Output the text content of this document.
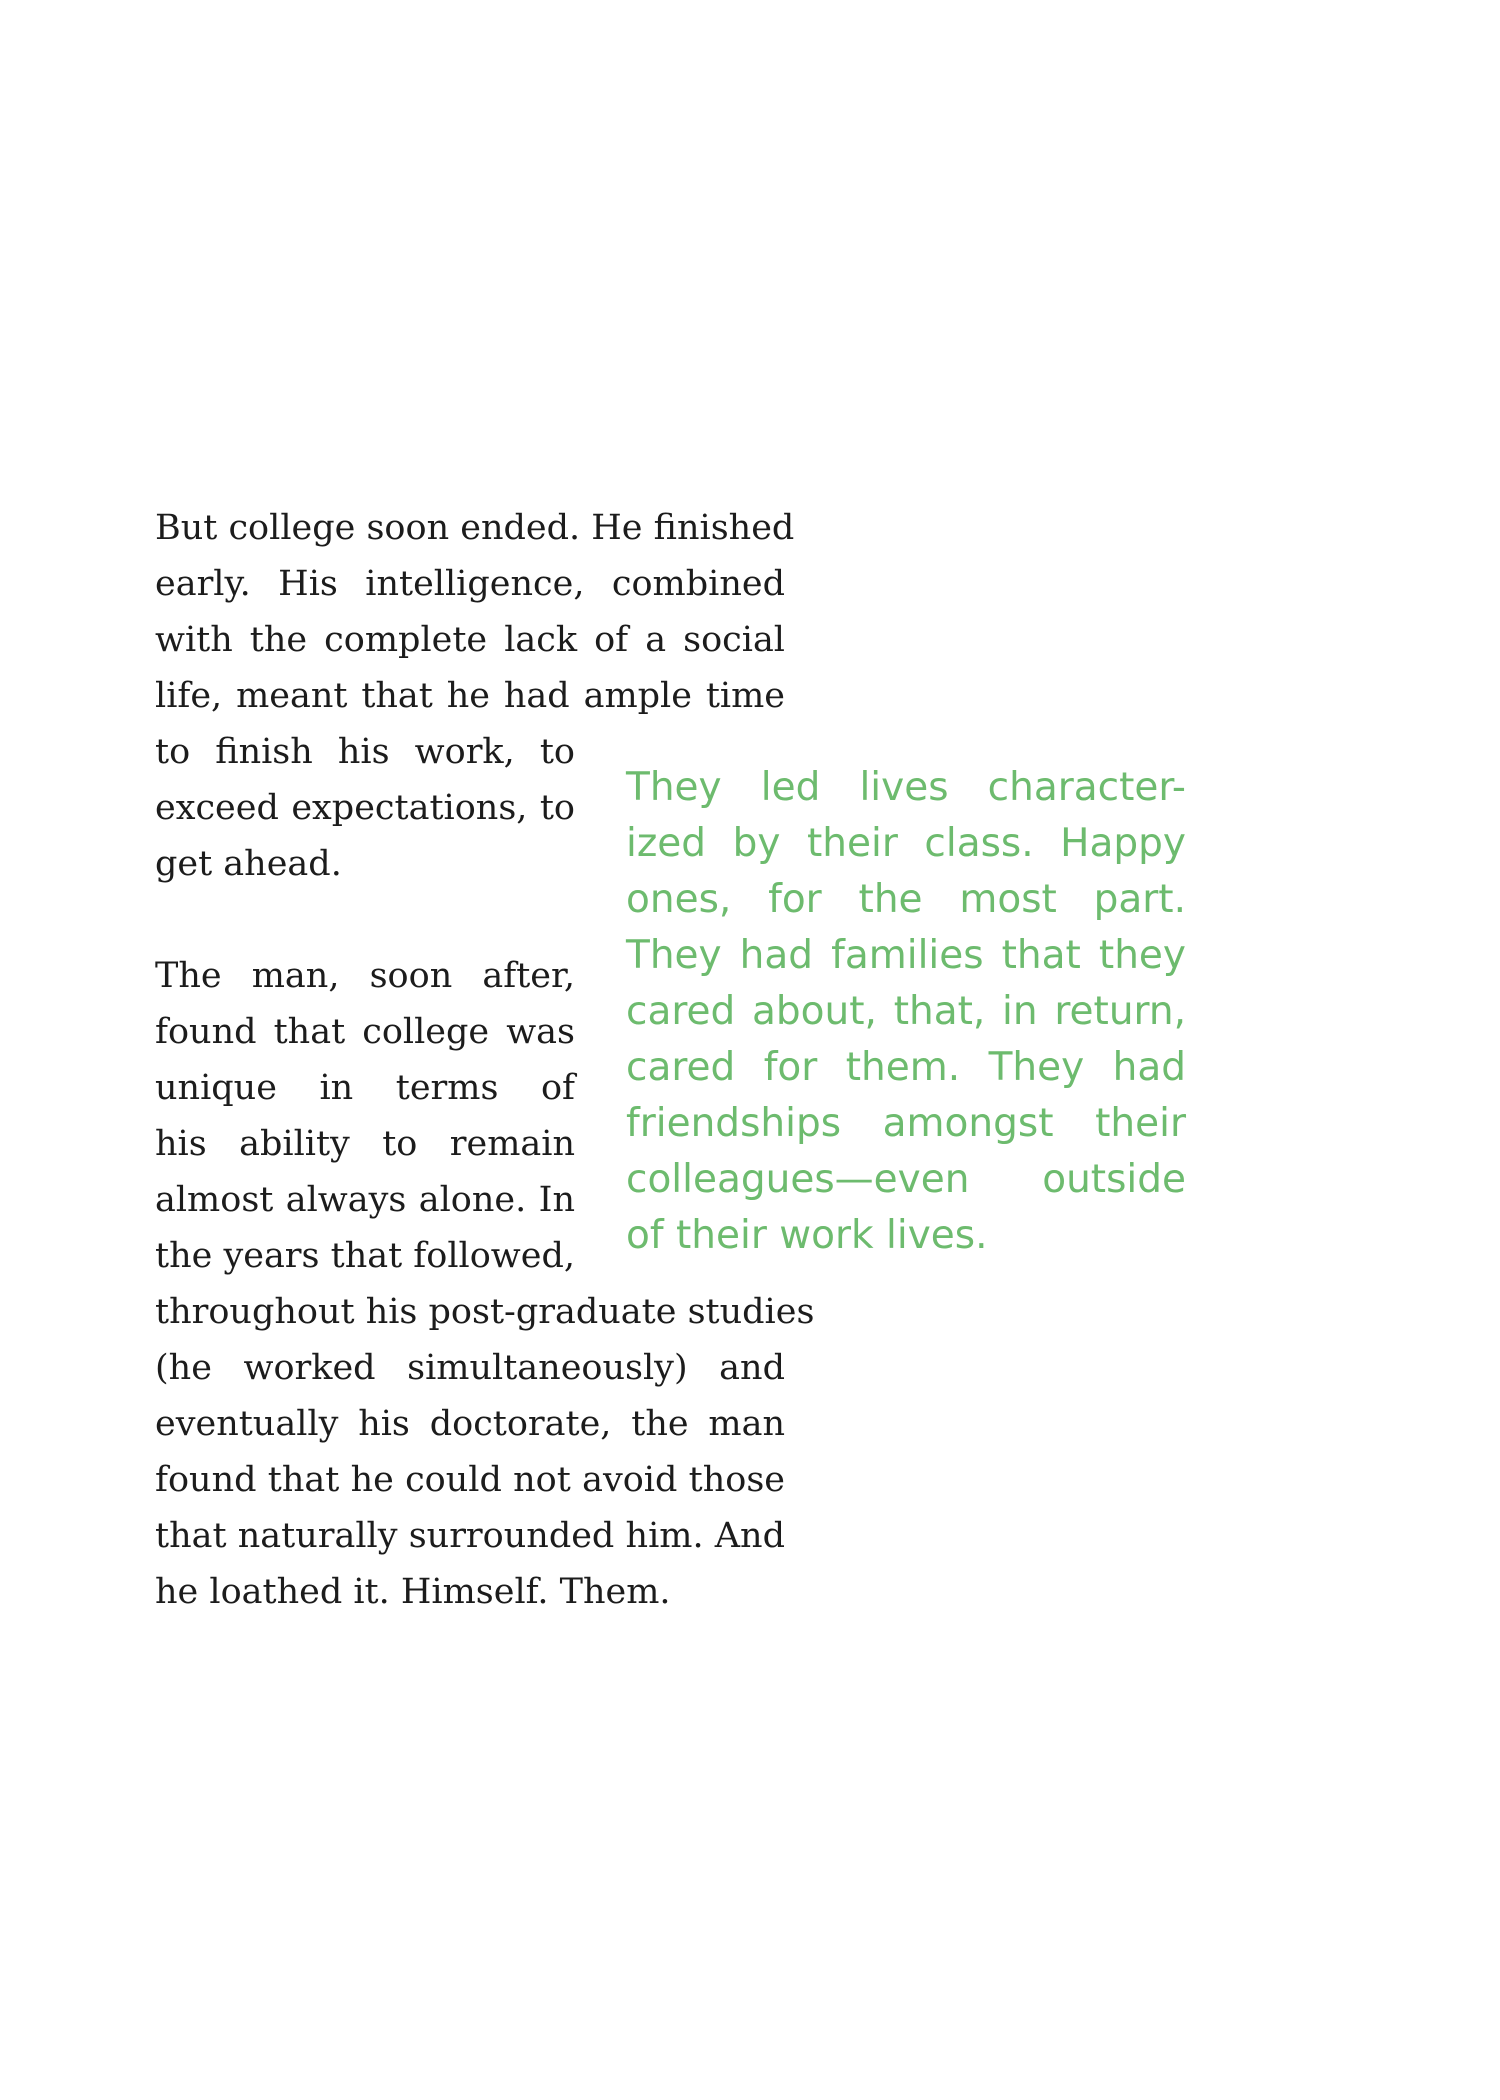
But college soon ended. He finished
early. His intelligence, combined
with the complete lack of a social
life, meant that he had ample time
to finish his work, to
exceed expectations, to
get ahead.
The man, soon after,
found that college was
unique in terms of
his ability to remain
almost always alone. In
the years that followed,
throughout his post-graduate studies
(he worked simultaneously) and
eventually his doctorate, the man
found that he could not avoid those
that naturally surrounded him. And
he loathed it. Himself. Them.
They led lives character-
ized by their class. Happy
ones, for the most part.
They had families that they
cared about, that, in return,
cared for them. They had
friendships amongst their
colleagues—even outside
of their work lives.
